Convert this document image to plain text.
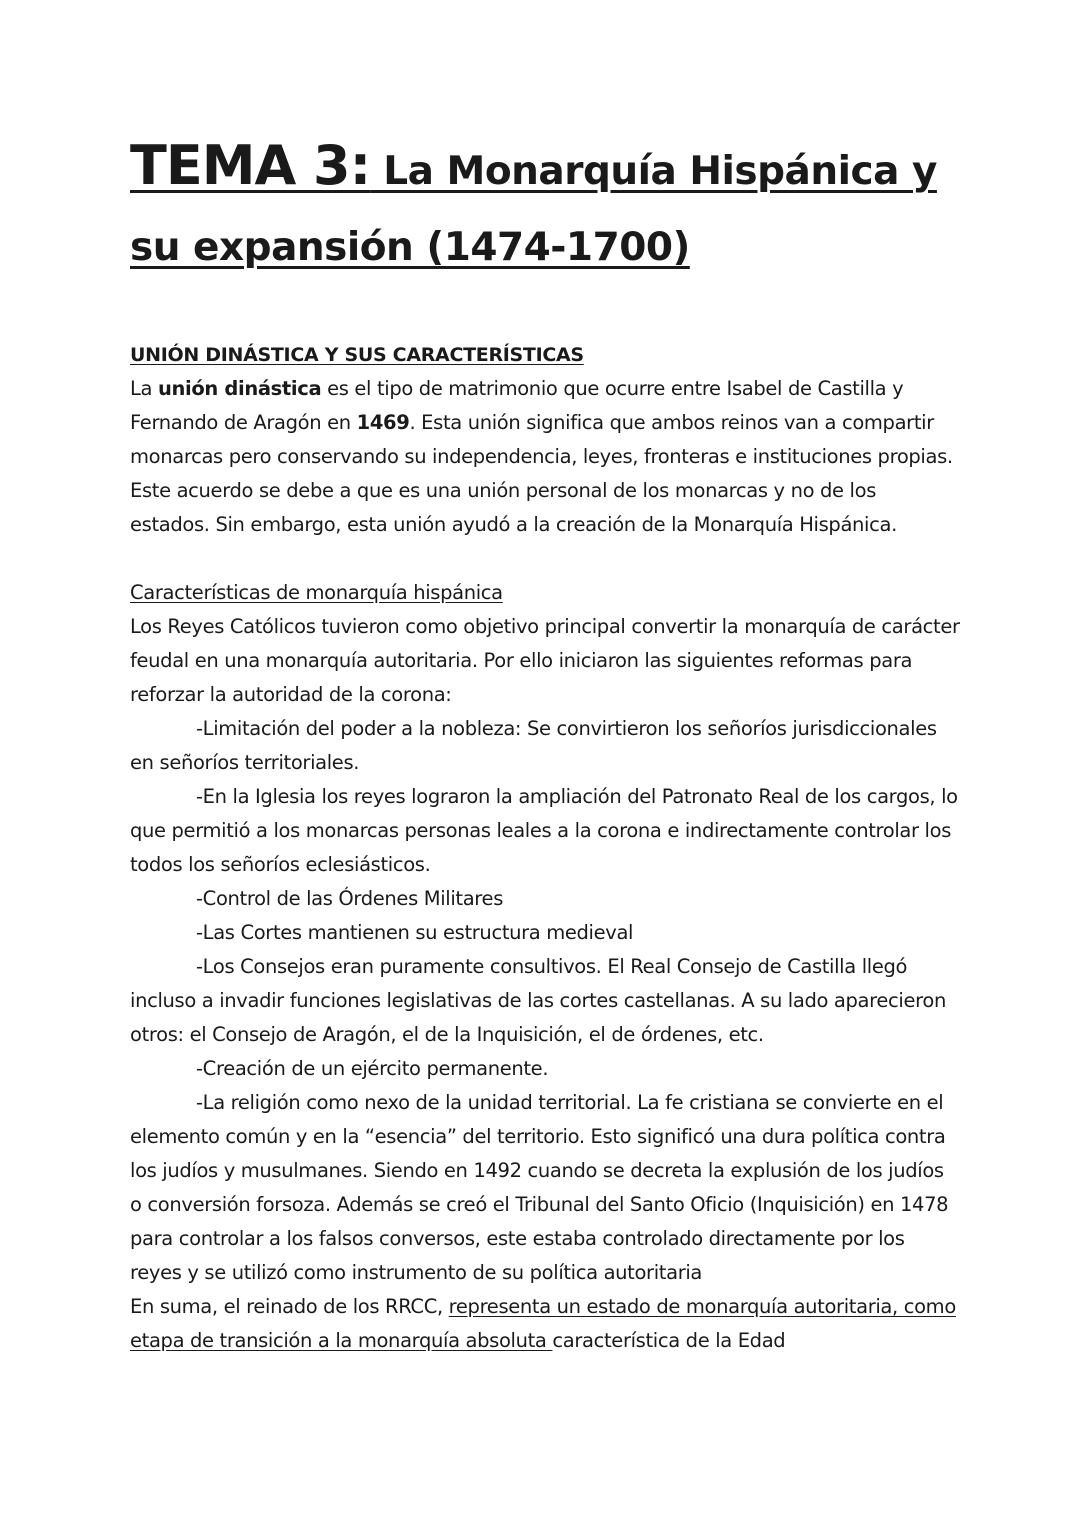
TEMA 3: La Monarquía Hispánica y su expansión (1474-1700)
UNIÓN DINÁSTICA Y SUS CARACTERÍSTICAS

La unión dinástica es el tipo de matrimonio que ocurre entre Isabel de Castilla y Fernando de Aragón en 1469. Esta unión significa que ambos reinos van a compartir monarcas pero conservando su independencia, leyes, fronteras e instituciones propias.

Este acuerdo se debe a que es una unión personal de los monarcas y no de los estados. Sin embargo, esta unión ayudó a la creación de la Monarquía Hispánica.

Características de monarquía hispánica

Los Reyes Católicos tuvieron como objetivo principal convertir la monarquía de carácter feudal en una monarquía autoritaria. Por ello iniciaron las siguientes reformas para reforzar la autoridad de la corona:

-Limitación del poder a la nobleza: Se convirtieron los señoríos jurisdiccionales en señoríos territoriales.

-En la Iglesia los reyes lograron la ampliación del Patronato Real de los cargos, lo que permitió a los monarcas personas leales a la corona e indirectamente controlar los todos los señoríos eclesiásticos.

-Control de las Órdenes Militares

-Las Cortes mantienen su estructura medieval

-Los Consejos eran puramente consultivos. El Real Consejo de Castilla llegó incluso a invadir funciones legislativas de las cortes castellanas. A su lado aparecieron otros: el Consejo de Aragón, el de la Inquisición, el de órdenes, etc.

-Creación de un ejército permanente.

-La religión como nexo de la unidad territorial. La fe cristiana se convierte en el elemento común y en la “esencia” del territorio. Esto significó una dura política contra los judíos y musulmanes. Siendo en 1492 cuando se decreta la explusión de los judíos o conversión forsoza. Además se creó el Tribunal del Santo Oficio (Inquisición) en 1478 para controlar a los falsos conversos, este estaba controlado directamente por los reyes y se utilizó como instrumento de su política autoritaria

En suma, el reinado de los RRCC, representa un estado de monarquía autoritaria, como etapa de transición a la monarquía absoluta característica de la Edad
